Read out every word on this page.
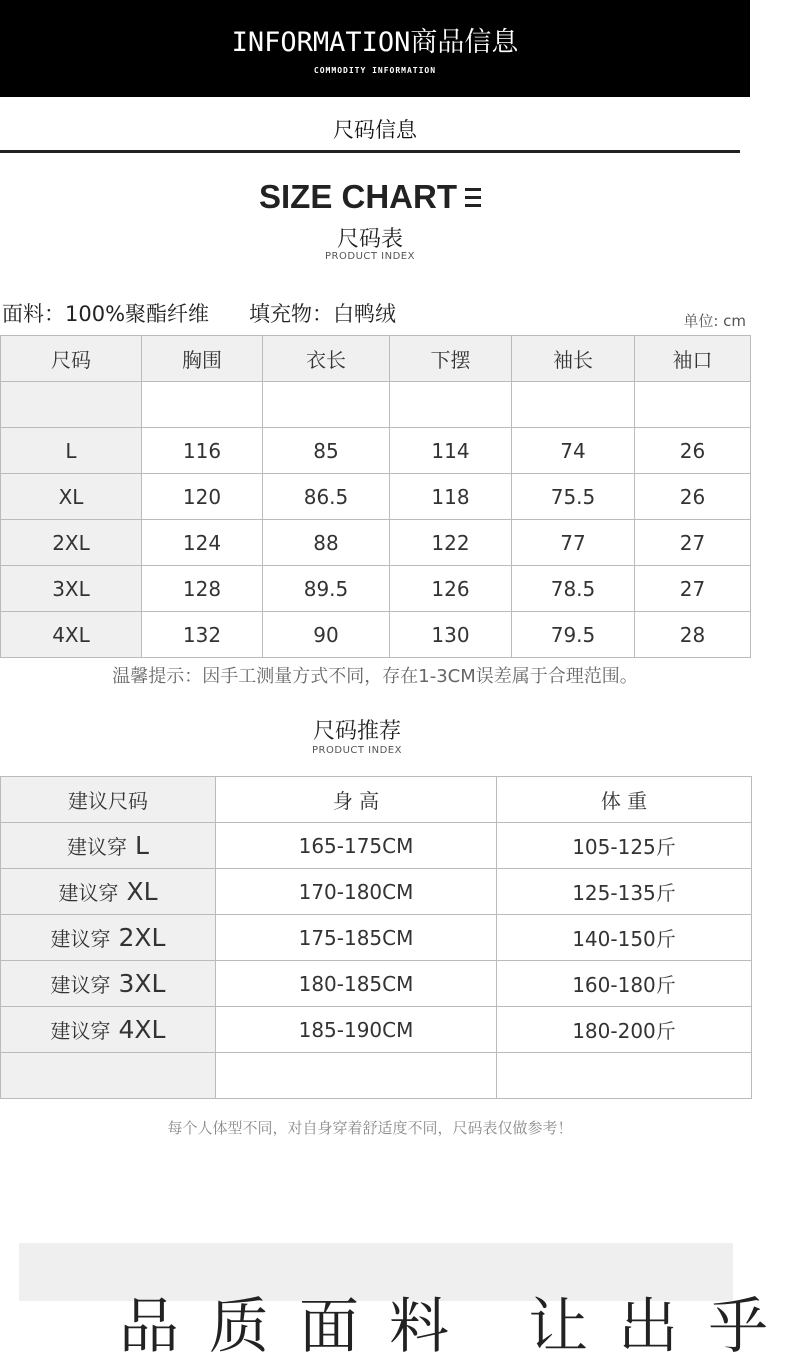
INFORMATION商品信息
COMMODITY INFORMATION
尺码信息
SIZE CHART
尺码表
PRODUCT INDEX
面料：100%聚酯纤维 填充物：白鸭绒	单位: cm
尺码	胸围	衣长	下摆	袖长	袖口

L	116	85	114	74	26
XL	120	86.5	118	75.5	26
2XL	124	88	122	77	27
3XL	128	89.5	126	78.5	27
4XL	132	90	130	79.5	28
温馨提示：因手工测量方式不同，存在1-3CM误差属于合理范围。
尺码推荐
PRODUCT INDEX
建议尺码	身 高	体 重
建议穿 L	165-175CM	105-125斤
建议穿 XL	170-180CM	125-135斤
建议穿 2XL	175-185CM	140-150斤
建议穿 3XL	180-185CM	160-180斤
建议穿 4XL	185-190CM	180-200斤

每个人体型不同，对自身穿着舒适度不同，尺码表仅做参考！
品质面料 让出乎
